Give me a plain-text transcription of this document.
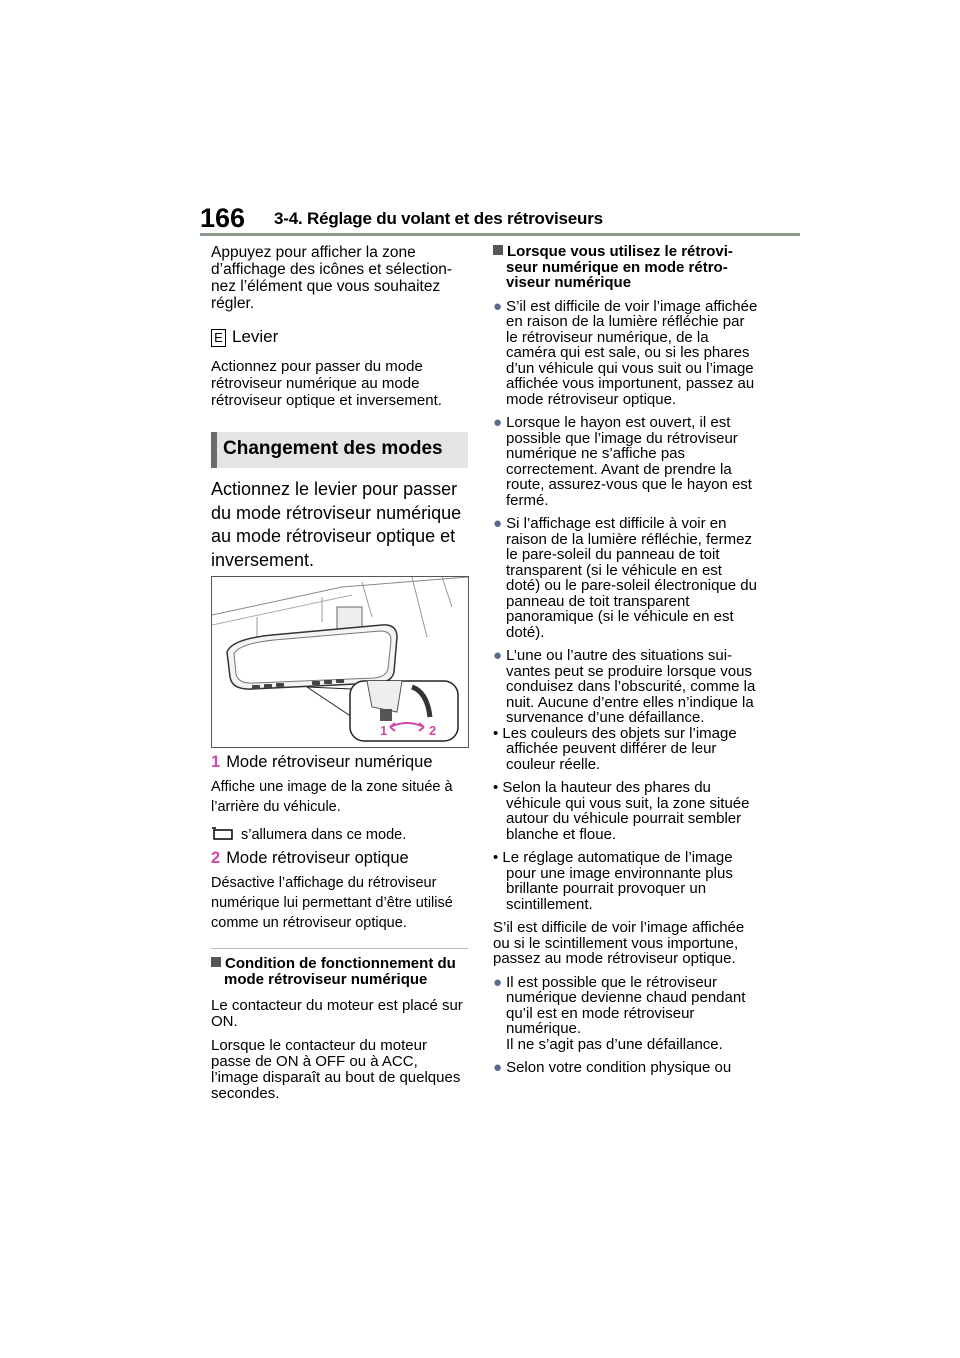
166 3-4. Réglage du volant et des rétroviseurs
Appuyez pour afficher la zone d’affichage des icônes et sélectionnez l’élément que vous souhaitez régler.
E Levier
Actionnez pour passer du mode rétroviseur numérique au mode rétroviseur optique et inversement.
Changement des modes
Actionnez le levier pour passer du mode rétroviseur numérique au mode rétroviseur optique et inversement.
1	2
1 Mode rétroviseur numérique
Affiche une image de la zone située à l’arrière du véhicule.
s’allumera dans ce mode.
2 Mode rétroviseur optique
Désactive l’affichage du rétroviseur numérique lui permettant d’être utilisé comme un rétroviseur optique.

Condition de fonctionnement du mode rétroviseur numérique

Le contacteur du moteur est placé sur ON.

Lorsque le contacteur du moteur passe de ON à OFF ou à ACC, l’image disparaît au bout de quelques secondes.

Lorsque vous utilisez le rétroviseur numérique en mode rétroviseur numérique

● S’il est difficile de voir l’image affichée en raison de la lumière réfléchie par le rétroviseur numérique, de la caméra qui est sale, ou si les phares d’un véhicule qui vous suit ou l’image affichée vous importunent, passez au mode rétroviseur optique.

● Lorsque le hayon est ouvert, il est possible que l’image du rétroviseur numérique ne s’affiche pas correctement. Avant de prendre la route, assurez-vous que le hayon est fermé.

● Si l’affichage est difficile à voir en raison de la lumière réfléchie, fermez le pare-soleil du panneau de toit transparent (si le véhicule en est doté) ou le pare-soleil électronique du panneau de toit transparent panoramique (si le véhicule en est doté).

● L’une ou l’autre des situations suivantes peut se produire lorsque vous conduisez dans l’obscurité, comme la nuit. Aucune d’entre elles n’indique la survenance d’une défaillance.

• Les couleurs des objets sur l’image affichée peuvent différer de leur couleur réelle.

• Selon la hauteur des phares du véhicule qui vous suit, la zone située autour du véhicule pourrait sembler blanche et floue.

• Le réglage automatique de l’image pour une image environnante plus brillante pourrait provoquer un scintillement.

S’il est difficile de voir l’image affichée ou si le scintillement vous importune, passez au mode rétroviseur optique.

● Il est possible que le rétroviseur numérique devienne chaud pendant qu’il est en mode rétroviseur numérique.

Il ne s’agit pas d’une défaillance.

● Selon votre condition physique ou
